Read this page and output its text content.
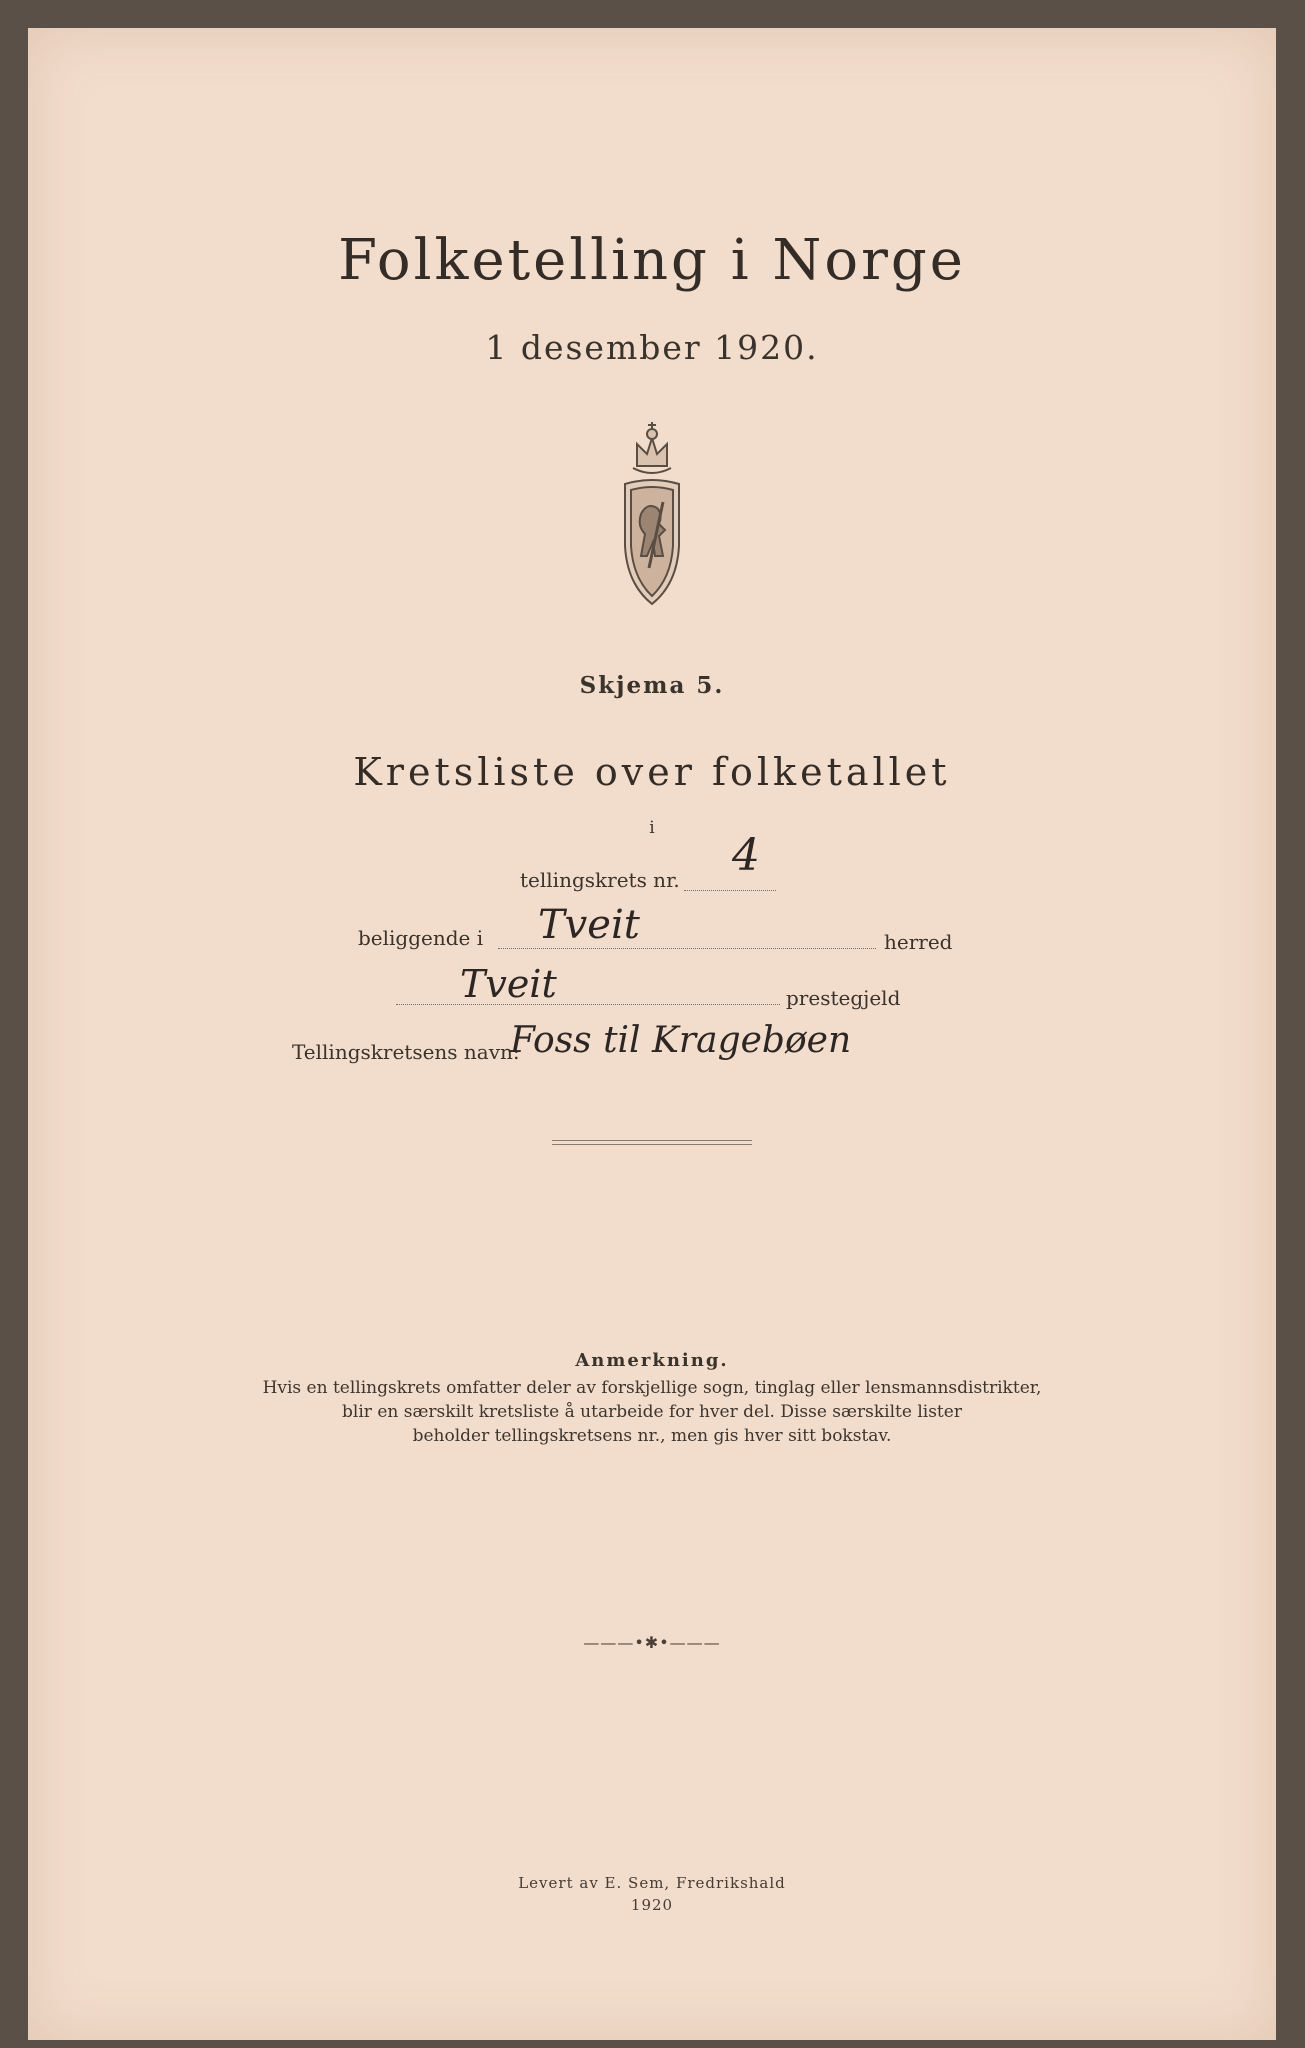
Folketelling i Norge
1 desember 1920.
Skjema 5.
Kretsliste over folketallet
i
tellingskrets nr. 4
beliggende i Tveit	herred
Tveit	prestegjeld
Tellingskretsens navn:
Foss til Kragebøen
Anmerkning.
Hvis en tellingskrets omfatter deler av forskjellige sogn, tinglag eller lensmannsdistrikter,
blir en særskilt kretsliste å utarbeide for hver del. Disse særskilte lister
beholder tellingskretsens nr., men gis hver sitt bokstav.
———•✱•———
Levert av E. Sem, Fredrikshald
1920
